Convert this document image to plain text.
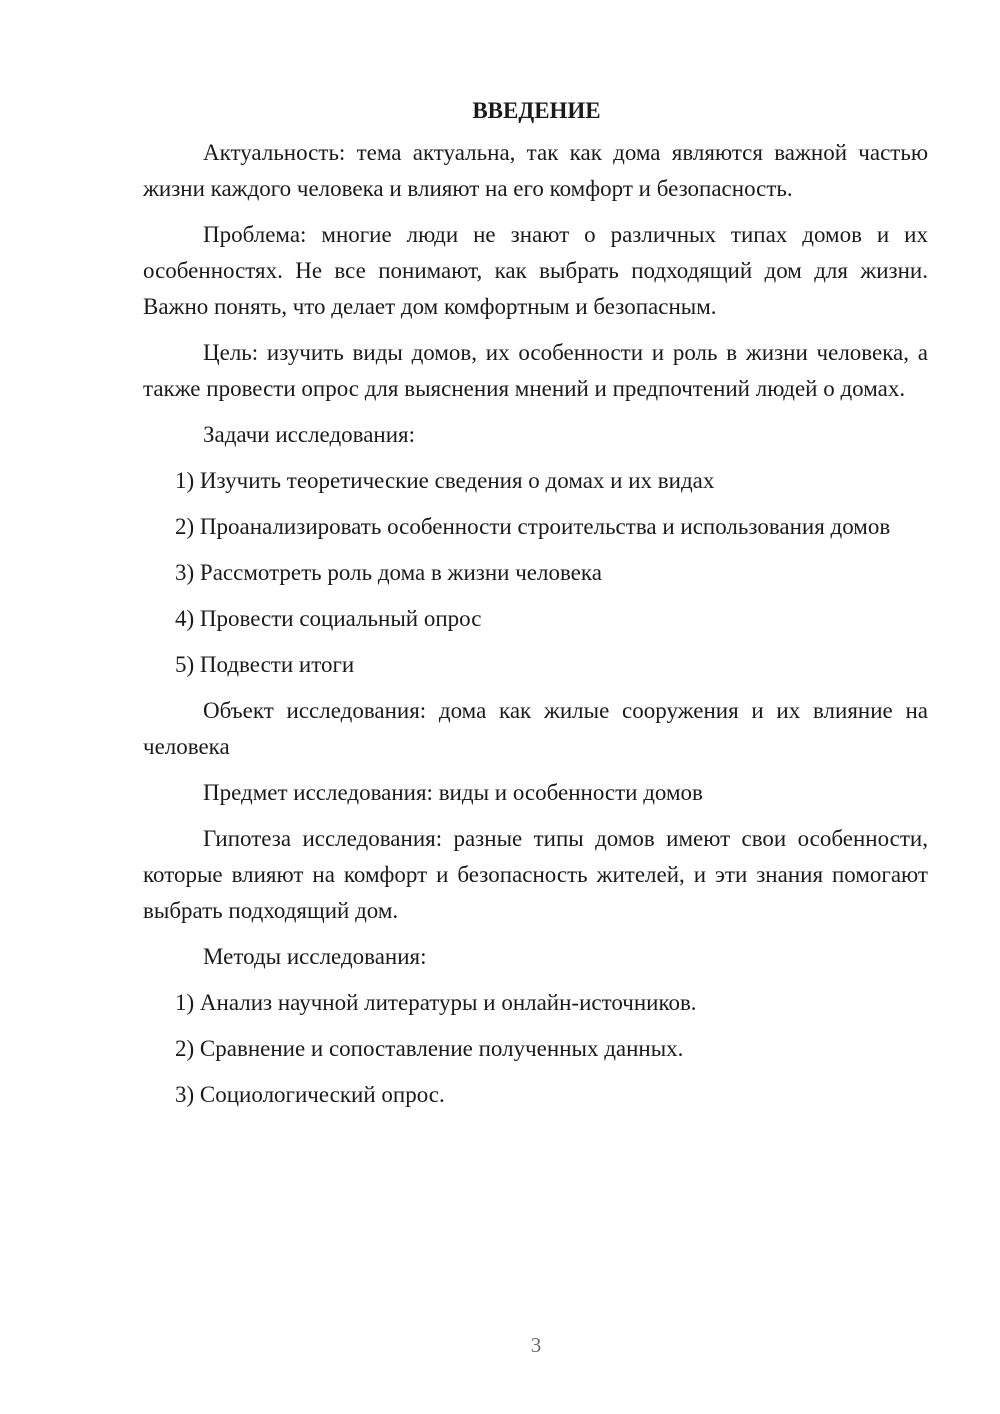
ВВЕДЕНИЕ

Актуальность: тема актуальна, так как дома являются важной частью жизни каждого человека и влияют на его комфорт и безопасность.

Проблема: многие люди не знают о различных типах домов и их особенностях. Не все понимают, как выбрать подходящий дом для жизни. Важно понять, что делает дом комфортным и безопасным.

Цель: изучить виды домов, их особенности и роль в жизни человека, а также провести опрос для выяснения мнений и предпочтений людей о домах.

Задачи исследования:

1) Изучить теоретические сведения о домах и их видах

2) Проанализировать особенности строительства и использования домов

3) Рассмотреть роль дома в жизни человека

4) Провести социальный опрос

5) Подвести итоги

Объект исследования: дома как жилые сооружения и их влияние на человека

Предмет исследования: виды и особенности домов

Гипотеза исследования: разные типы домов имеют свои особенности, которые влияют на комфорт и безопасность жителей, и эти знания помогают выбрать подходящий дом.

Методы исследования:

1) Анализ научной литературы и онлайн-источников.

2) Сравнение и сопоставление полученных данных.

3) Социологический опрос.

3
